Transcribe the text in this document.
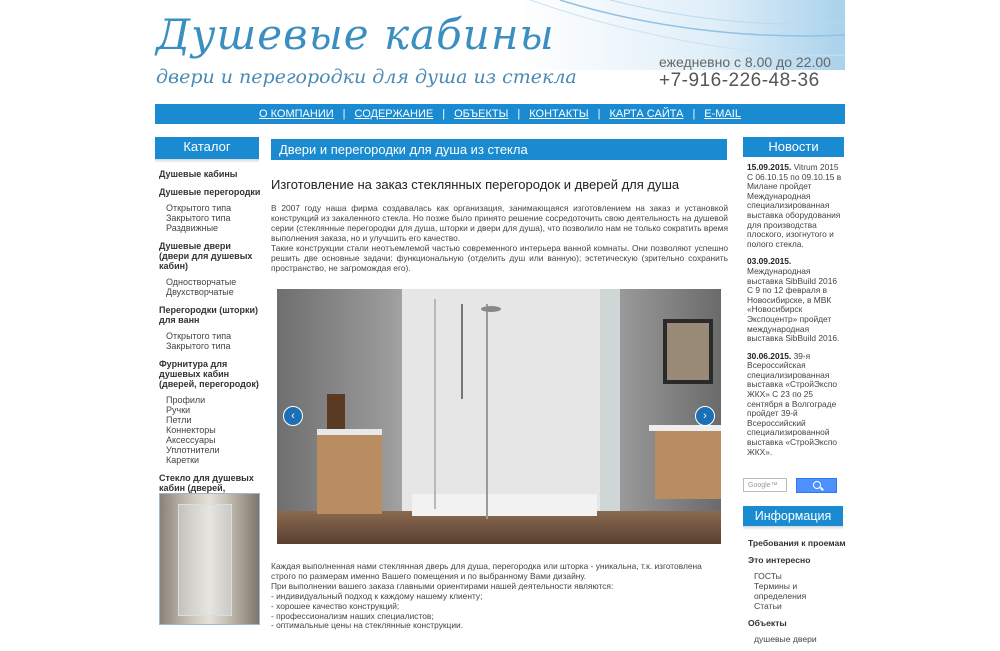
Душевые кабины
двери и перегородки для душа из стекла
ежедневно с 8.00 до 22.00
+7-916-226-48-36
О КОМПАНИИ | СОДЕРЖАНИЕ | ОБЪЕКТЫ | КОНТАКТЫ | КАРТА САЙТА | E-MAIL
Каталог

Душевые кабины

Душевые перегородки

Открытого типа

Закрытого типа

Раздвижные

Душевые двери (двери для душевых кабин)

Одностворчатые

Двухстворчатые

Перегородки (шторки) для ванн

Открытого типа

Закрытого типа

Фурнитура для душевых кабин (дверей, перегородок)

Профили

Ручки

Петли

Коннекторы

Аксессуары

Уплотнители

Каретки

Стекло для душевых кабин (дверей,

Двери и перегородки для душа из стекла
Изготовление на заказ стеклянных перегородок и дверей для душа

В 2007 году наша фирма создавалась как организация, занимающаяся изготовлением на заказ и установкой конструкций из закаленного стекла. Но позже было принято решение сосредоточить свою деятельность на душевой серии (стеклянные перегородки для душа, шторки и двери для душа), что позволило нам не только сократить время выполнения заказа, но и улучшить его качество.

Такие конструкции стали неотъемлемой частью современного интерьера ванной комнаты. Они позволяют успешно решить две основные задачи: функциональную (отделить душ или ванную); эстетическую (зрительно сохранить пространство, не загромождая его).

‹	›

Каждая выполненная нами стеклянная дверь для душа, перегородка или шторка - уникальна, т.к. изготовлена строго по размерам именно Вашего помещения и по выбранному Вами дизайну.

При выполнении вашего заказа главными ориентирами нашей деятельности являются:

- индивидуальный подход к каждому нашему клиенту;

- хорошее качество конструкций;

- профессионализм наших специалистов;

- оптимальные цены на стеклянные конструкции.

Новости
15.09.2015. Vitrum 2015 С 06.10.15 по 09.10.15 в Милане пройдет Международная специализированная выставка оборудования для производства плоского, изогнутого и полого стекла.
03.09.2015. Международная выставка SibBuild 2016 С 9 по 12 февраля в Новосибирске, в МВК «Новосибирск Экспоцентр» пройдет международная выставка SibBuild 2016.
30.06.2015. 39-я Всероссийская специализированная выставка «СтройЭкспо ЖКХ» С 23 по 25 сентября в Волгограде пройдет 39-й Всероссийский специализированной выставка «СтройЭкспо ЖКХ».
Google™
Информация

Требования к проемам

Это интересно

ГОСТы

Термины и определения

Статьи

Объекты

душевые двери
